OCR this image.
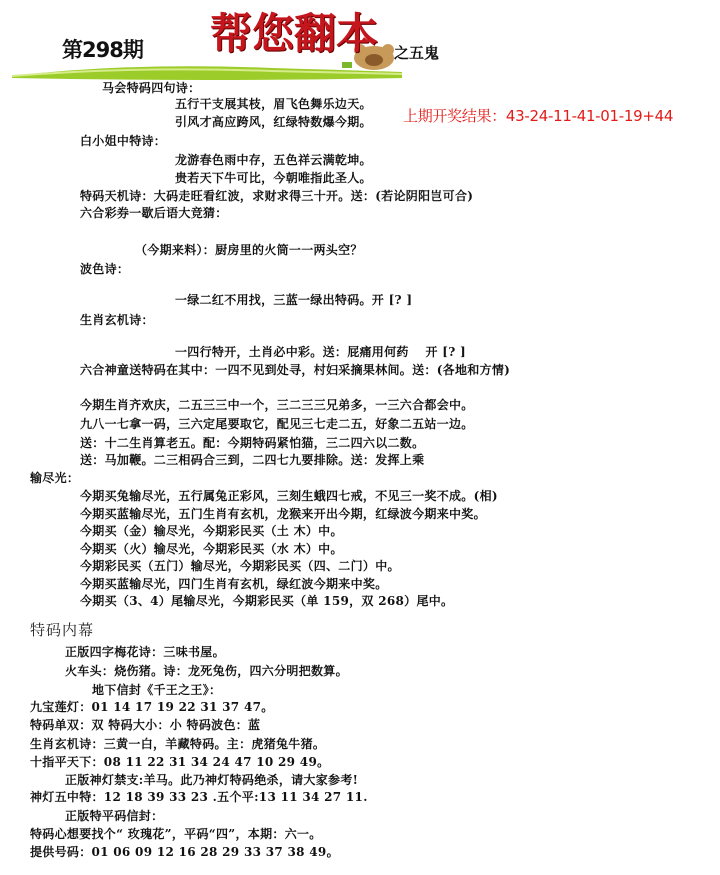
第298期 帮您翻本 之五鬼
上期开奖结果：43-24-11-41-01-19+44
马会特码四句诗：
五行干支展其枝，眉飞色舞乐边天。
引风才高应跨风，红绿特数爆今期。
白小姐中特诗：
龙游春色雨中存，五色祥云满乾坤。
贵若天下牛可比，今朝唯指此圣人。
特码天机诗：大码走旺看红波，求财求得三十开。送：(若论阴阳岂可合)
六合彩券一歇后语大竞猜：
（今期来料）：厨房里的火筒一一两头空？
波色诗：
一绿二红不用找，三蓝一绿出特码。开 [? ]
生肖玄机诗：
一四行特开，土肖必中彩。送：屁痛用何药　 开 [? ]
六合神童送特码在其中：一四不见到处寻，村妇采摘果林间。送：(各地和方情)
今期生肖齐欢庆，二五三三中一个，三二三三兄弟多，一三六合都会中。
九八一七拿一码，三六定尾要取它，配见三七走二五，好象二五站一边。
送：十二生肖算老五。配：今期特码紧怕猫，三二四六以二数。
送：马加鞭。二三相码合三到，二四七九要排除。送：发挥上乘
输尽光：
今期买兔输尽光，五行属兔正彩风，三刻生蛾四七戒，不见三一奖不成。(相)
今期买蓝输尽光，五门生肖有玄机，龙猴来开出今期，红绿波今期来中奖。
今期买（金）输尽光，今期彩民买（土 木）中。
今期买（火）输尽光，今期彩民买（水 木）中。
今期彩民买（五门）输尽光，今期彩民买（四、二门）中。
今期买蓝输尽光，四门生肖有玄机，绿红波今期来中奖。
今期买（3、4）尾输尽光，今期彩民买（单 159，双 268）尾中。
特码内幕
正版四字梅花诗：三味书屋。
火车头：烧伤猪。诗：龙死兔伤，四六分明把数算。
地下信封《千王之王》：
九宝莲灯：01 14 17 19 22 31 37 47。
特码单双：双 特码大小：小 特码波色：蓝
生肖玄机诗：三黄一白，羊藏特码。主：虎猪兔牛猪。
十指平天下：08 11 22 31 34 24 47 10 29 49。
正版神灯禁支:羊马。此乃神灯特码绝杀，请大家参考!
神灯五中特：12 18 39 33 23 .五个平:13 11 34 27 11.
正版特平码信封：
特码心想要找个“ 玫瑰花”，平码“四”，本期：六一。
提供号码：01 06 09 12 16 28 29 33 37 38 49。
